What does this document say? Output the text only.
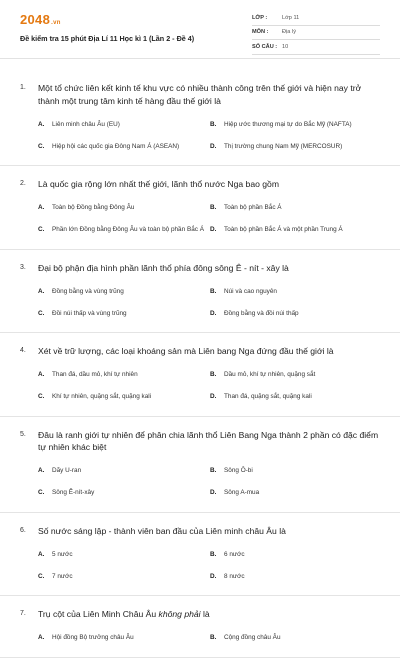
2048.vn
Đề kiểm tra 15 phút Địa Lí 11 Học kì 1 (Lần 2 - Đề 4)
LỚP :	Lớp 11
MÔN :	Địa lý
SỐ CÂU : 10
1.	Một tổ chức liên kết kinh tế khu vực có nhiều thành công trên thế giới và hiện nay trở thành một trung tâm kinh tế hàng đầu thế giới là
A.	Liên minh châu Âu (EU)	B.	Hiệp ước thương mại tự do Bắc Mỹ (NAFTA)
C.	Hiệp hội các quốc gia Đông Nam Á (ASEAN)	D.	Thị trường chung Nam Mỹ (MERCOSUR)
2.	Là quốc gia rộng lớn nhất thế giới, lãnh thổ nước Nga bao gồm
A.	Toàn bộ Đồng bằng Đông Âu	B.	Toàn bộ phần Bắc Á
C.	Phần lớn Đồng bằng Đông Âu và toàn bộ phần Bắc Á D.	Toàn bộ phần Bắc Á và một phần Trung Á
3.	Đại bộ phận địa hình phần lãnh thổ phía đông sông Ê - nít - xây là
A.	Đồng bằng và vùng trũng	B.	Núi và cao nguyên
C.	Đồi núi thấp và vùng trũng	D.	Đồng bằng và đồi núi thấp
4.	Xét về trữ lượng, các loại khoáng sản mà Liên bang Nga đứng đầu thế giới là
A.	Than đá, dầu mỏ, khí tự nhiên	B.	Dầu mỏ, khí tự nhiên, quặng sắt
C.	Khí tự nhiên, quặng sắt, quặng kali	D.	Than đá, quặng sắt, quặng kali
5.	Đâu là ranh giới tự nhiên để phân chia lãnh thổ Liên Bang Nga thành 2 phần có đặc điểm tự nhiên khác biệt
A.	Dãy U-ran	B.	Sông Ô-bi
C.	Sông Ê-nít-xây	D.	Sông A-mua
6.	Số nước sáng lập - thành viên ban đầu của Liên minh châu Âu là
A.	5 nước	B.	6 nước
C.	7 nước	D.	8 nước
7.	Trụ cột của Liên Minh Châu Âu không phải là
A.	Hội đồng Bộ trưởng châu Âu	B.	Cộng đồng châu Âu
